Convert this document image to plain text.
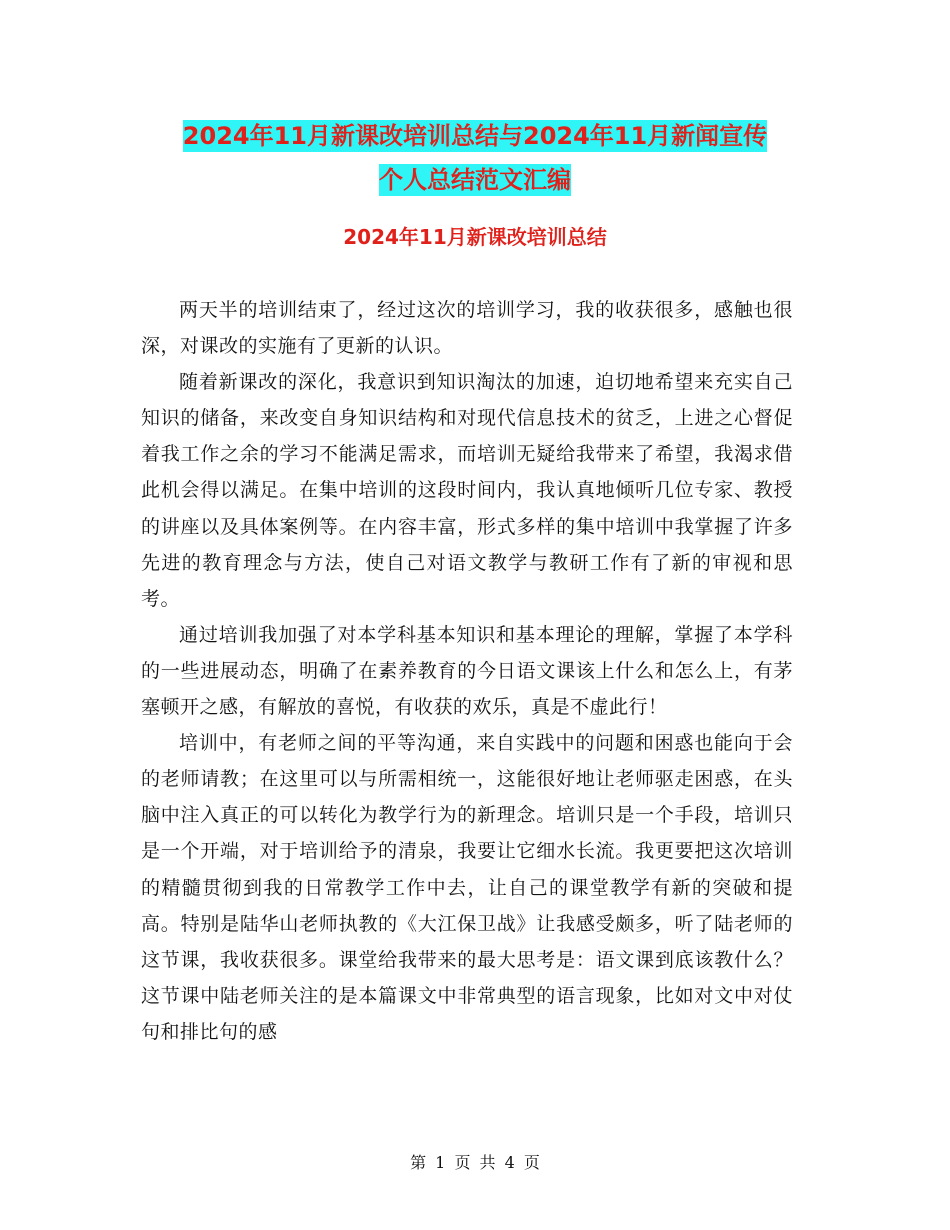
2024年11月新课改培训总结与2024年11月新闻宣传
个人总结范文汇编
2024年11月新课改培训总结

两天半的培训结束了，经过这次的培训学习，我的收获很多，感触也很深，对课改的实施有了更新的认识。

随着新课改的深化，我意识到知识淘汰的加速，迫切地希望来充实自己知识的储备，来改变自身知识结构和对现代信息技术的贫乏，上进之心督促着我工作之余的学习不能满足需求，而培训无疑给我带来了希望，我渴求借此机会得以满足。在集中培训的这段时间内，我认真地倾听几位专家、教授的讲座以及具体案例等。在内容丰富，形式多样的集中培训中我掌握了许多先进的教育理念与方法，使自己对语文教学与教研工作有了新的审视和思考。

通过培训我加强了对本学科基本知识和基本理论的理解，掌握了本学科的一些进展动态，明确了在素养教育的今日语文课该上什么和怎么上，有茅塞顿开之感，有解放的喜悦，有收获的欢乐，真是不虚此行！

培训中，有老师之间的平等沟通，来自实践中的问题和困惑也能向于会的老师请教；在这里可以与所需相统一，这能很好地让老师驱走困惑，在头脑中注入真正的可以转化为教学行为的新理念。培训只是一个手段，培训只是一个开端，对于培训给予的清泉，我要让它细水长流。我更要把这次培训的精髓贯彻到我的日常教学工作中去，让自己的课堂教学有新的突破和提高。特别是陆华山老师执教的《大江保卫战》让我感受颇多，听了陆老师的这节课，我收获很多。课堂给我带来的最大思考是：语文课到底该教什么？这节课中陆老师关注的是本篇课文中非常典型的语言现象，比如对文中对仗句和排比句的感

第 1 页 共 4 页
